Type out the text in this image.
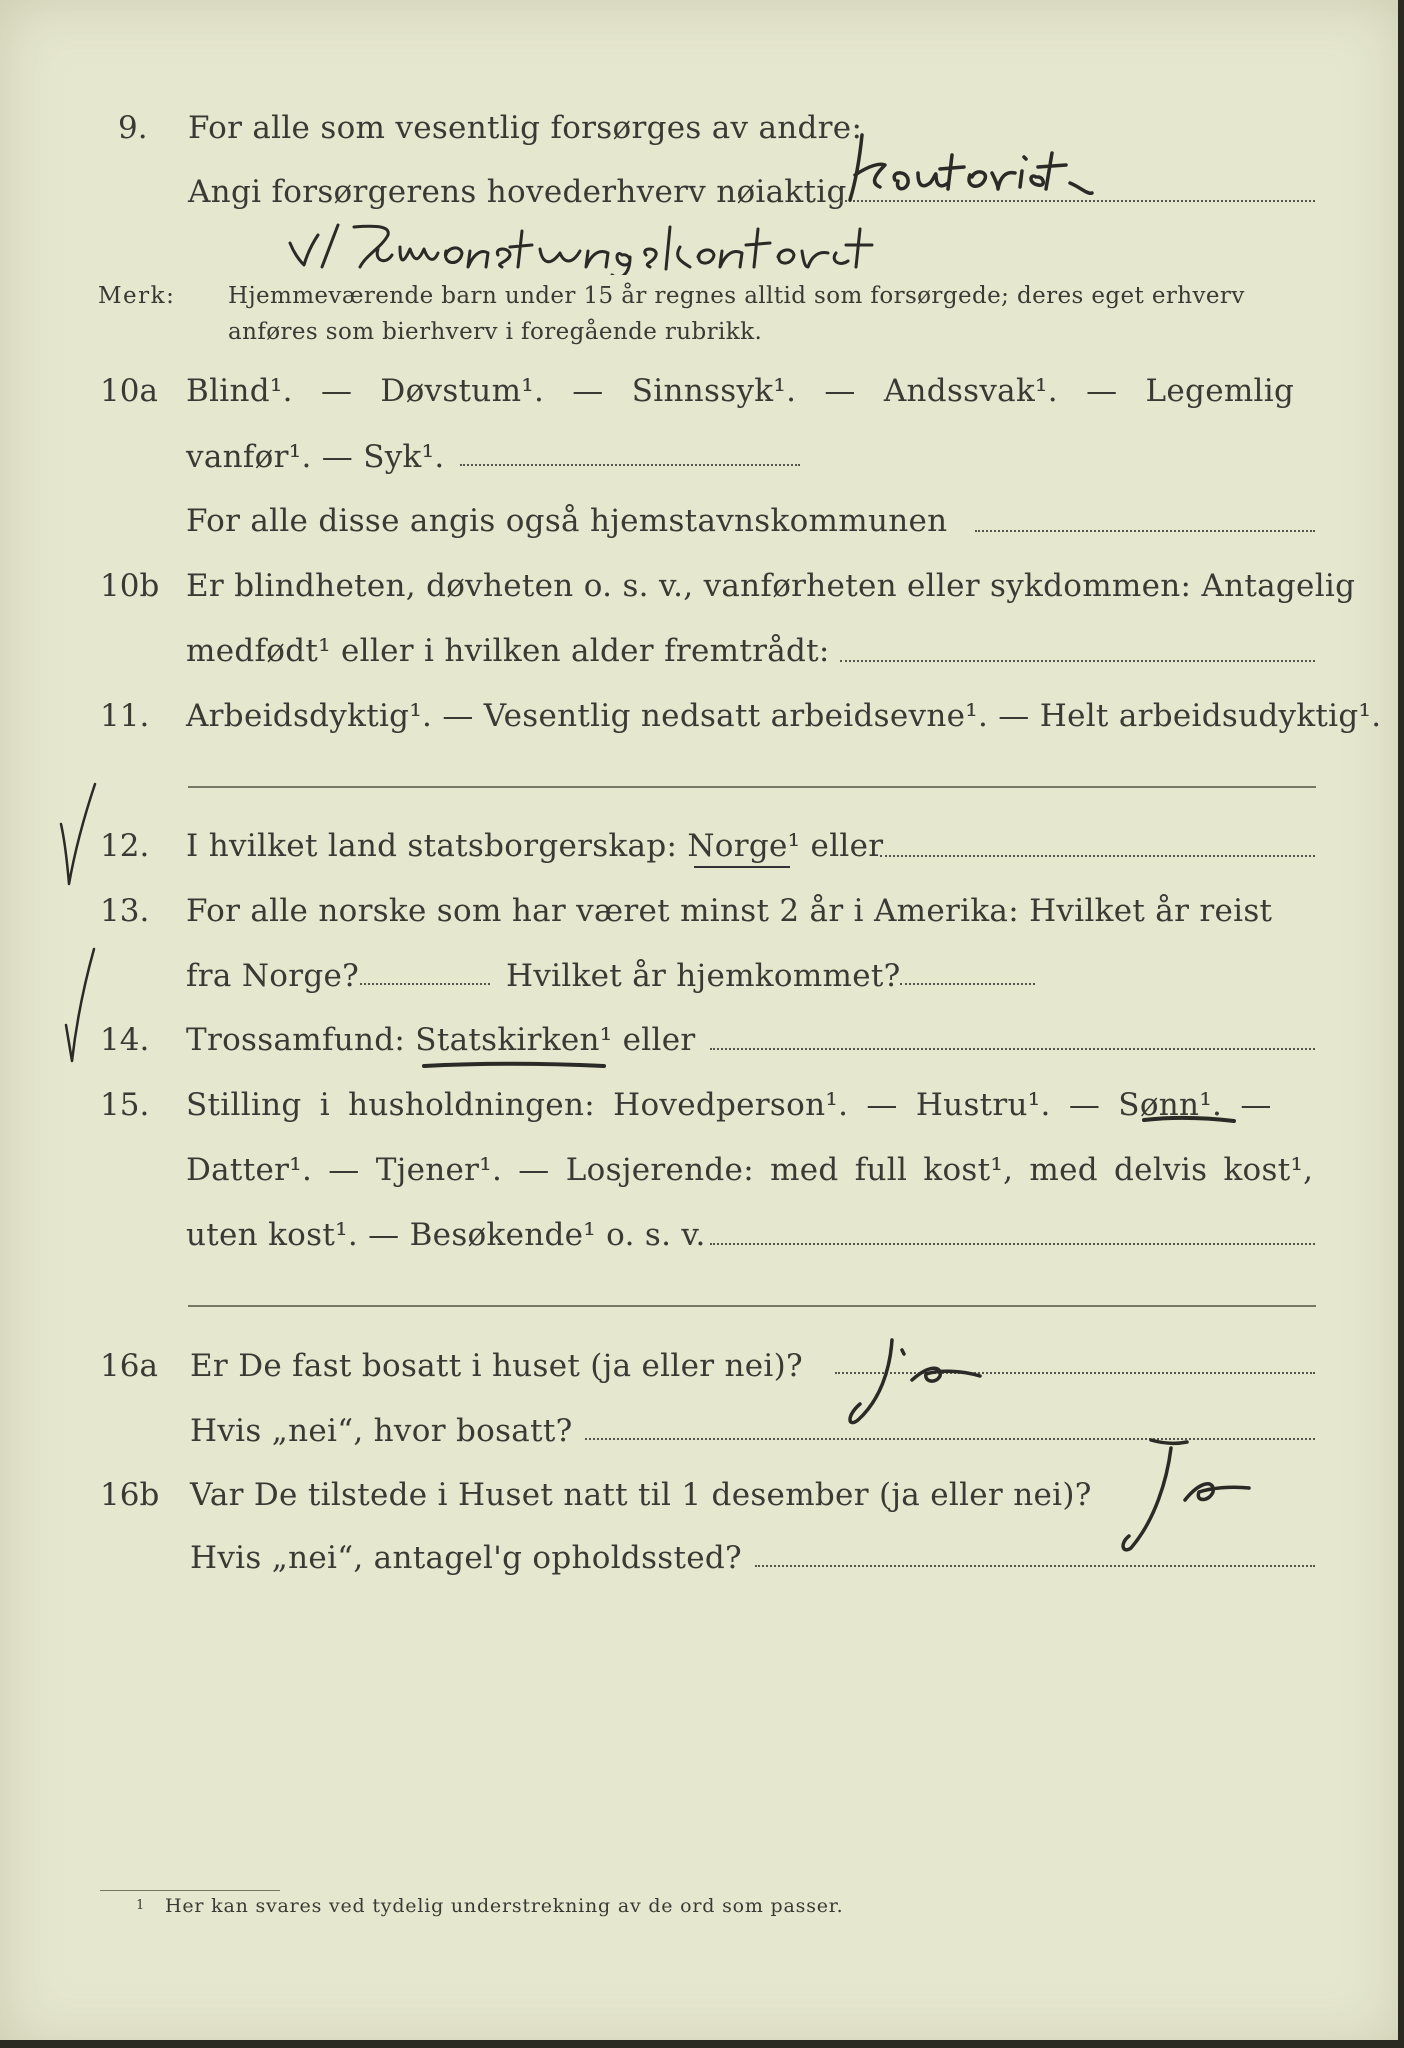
9. For alle som vesentlig forsørges av andre:
Angi forsørgerens hovederhverv nøiaktig
Merk: Hjemmeværende barn under 15 år regnes alltid som forsørgede; deres eget erhverv
anføres som bierhverv i foregående rubrikk.
10a Blind¹. — Døvstum¹. — Sinnssyk¹. — Andssvak¹. — Legemlig
vanfør¹. — Syk¹.
For alle disse angis også hjemstavnskommunen
10b Er blindheten, døvheten o. s. v., vanførheten eller sykdommen: Antagelig
medfødt¹ eller i hvilken alder fremtrådt:
11. Arbeidsdyktig¹. — Vesentlig nedsatt arbeidsevne¹. — Helt arbeidsudyktig¹.
12. I hvilket land statsborgerskap: Norge¹ eller
13. For alle norske som har været minst 2 år i Amerika: Hvilket år reist
fra Norge?	Hvilket år hjemkommet?
14. Trossamfund: Statskirken¹ eller
15. Stilling i husholdningen: Hovedperson¹. — Hustru¹. — Sønn¹. —
Datter¹. — Tjener¹. — Losjerende: med full kost¹, med delvis kost¹,
uten kost¹. — Besøkende¹ o. s. v.
16a Er De fast bosatt i huset (ja eller nei)?
Hvis „nei“, hvor bosatt?
16b Var De tilstede i Huset natt til 1 desember (ja eller nei)?
Hvis „nei“, antagel'g opholdssted?
1 Her kan svares ved tydelig understrekning av de ord som passer.
